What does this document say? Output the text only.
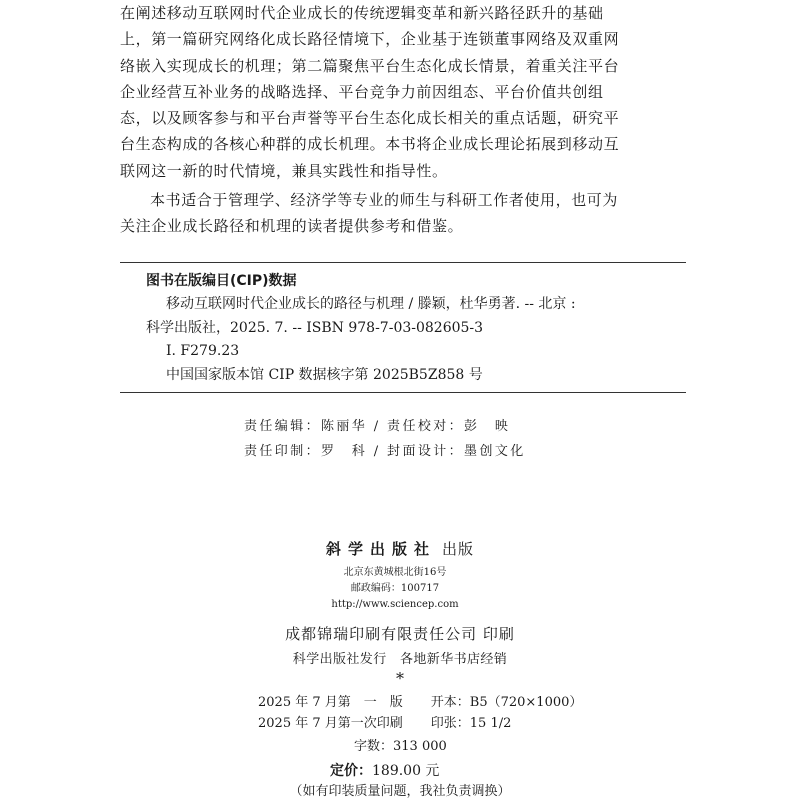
在阐述移动互联网时代企业成长的传统逻辑变革和新兴路径跃升的基础
上，第一篇研究网络化成长路径情境下，企业基于连锁董事网络及双重网
络嵌入实现成长的机理；第二篇聚焦平台生态化成长情景，着重关注平台
企业经营互补业务的战略选择、平台竞争力前因组态、平台价值共创组
态，以及顾客参与和平台声誉等平台生态化成长相关的重点话题，研究平
台生态构成的各核心种群的成长机理。本书将企业成长理论拓展到移动互
联网这一新的时代情境，兼具实践性和指导性。

本书适合于管理学、经济学等专业的师生与科研工作者使用，也可为
关注企业成长路径和机理的读者提供参考和借鉴。

图书在版编目(CIP)数据
移动互联网时代企业成长的路径与机理 / 滕颖，杜华勇著. -- 北京 :
科学出版社，2025. 7. -- ISBN 978-7-03-082605-3
Ⅰ. F279.23
中国国家版本馆 CIP 数据核字第 2025B5Z858 号
责任编辑：陈丽华 / 责任校对：彭　映
责任印制：罗　科 / 封面设计：墨创文化
斜学出版社 出版
北京东黄城根北街16号
邮政编码：100717
http://www.sciencep.com
成都锦瑞印刷有限责任公司 印刷
科学出版社发行　各地新华书店经销
*
2025 年 7 月第　一　版 开本：B5（720×1000）
2025 年 7 月第一次印刷 印张：15 1/2
字数：313 000
定价：189.00 元
（如有印装质量问题，我社负责调换）
